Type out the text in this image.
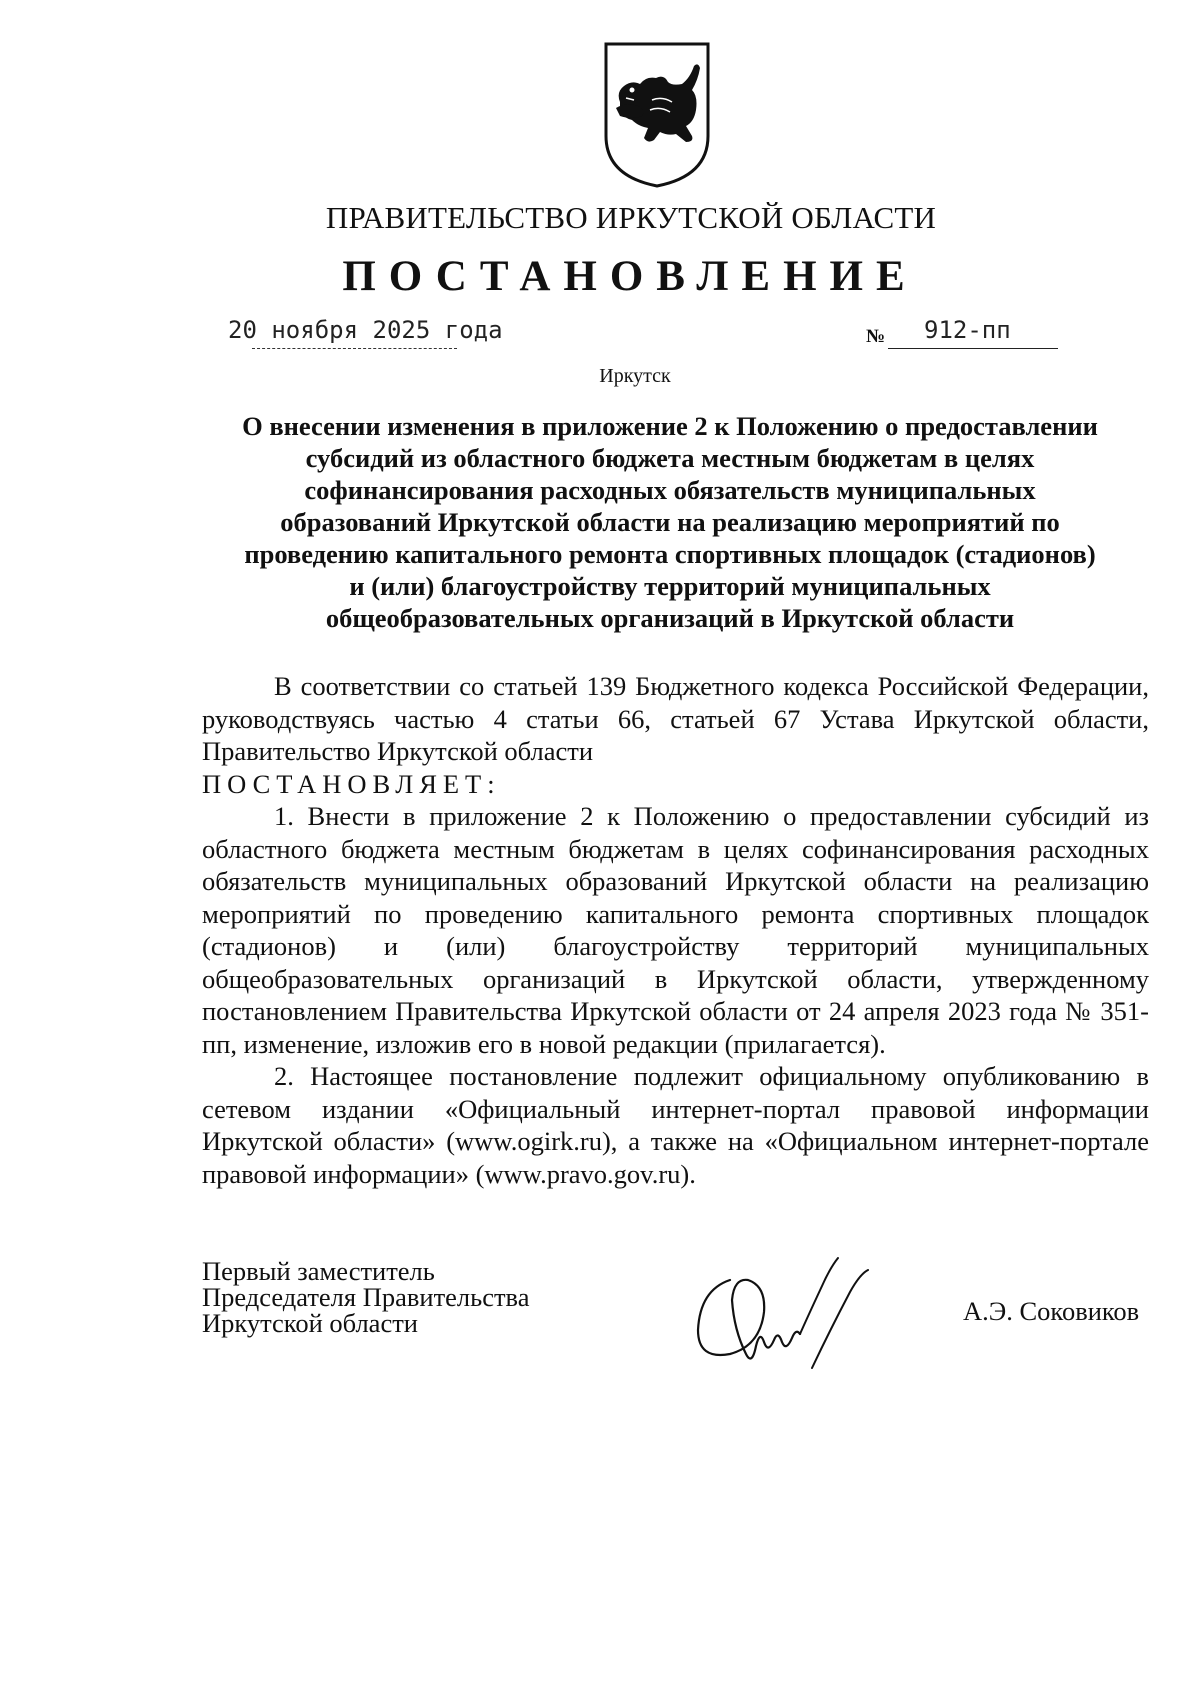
ПРАВИТЕЛЬСТВО ИРКУТСКОЙ ОБЛАСТИ
ПОСТАНОВЛЕНИЕ
20 ноября 2025 года	№ 912-пп
Иркутск
О внесении изменения в приложение 2 к Положению о предоставлении
субсидий из областного бюджета местным бюджетам в целях
софинансирования расходных обязательств муниципальных
образований Иркутской области на реализацию мероприятий по
проведению капитального ремонта спортивных площадок (стадионов)
и (или) благоустройству территорий муниципальных
общеобразовательных организаций в Иркутской области

В соответствии со статьей 139 Бюджетного кодекса Российской Федерации, руководствуясь частью 4 статьи 66, статьей 67 Устава Иркутской области, Правительство Иркутской области

ПОСТАНОВЛЯЕТ:

1. Внести в приложение 2 к Положению о предоставлении субсидий из областного бюджета местным бюджетам в целях софинансирования расходных обязательств муниципальных образований Иркутской области на реализацию мероприятий по проведению капитального ремонта спортивных площадок (стадионов) и (или) благоустройству территорий муниципальных общеобразовательных организаций в Иркутской области, утвержденному постановлением Правительства Иркутской области от 24 апреля 2023 года № 351-пп, изменение, изложив его в новой редакции (прилагается).

2. Настоящее постановление подлежит официальному опубликованию в сетевом издании «Официальный интернет-портал правовой информации Иркутской области» (www.ogirk.ru), а также на «Официальном интернет-портале правовой информации» (www.pravo.gov.ru).

Первый заместитель
Председателя Правительства
Иркутской области	А.Э. Соковиков
